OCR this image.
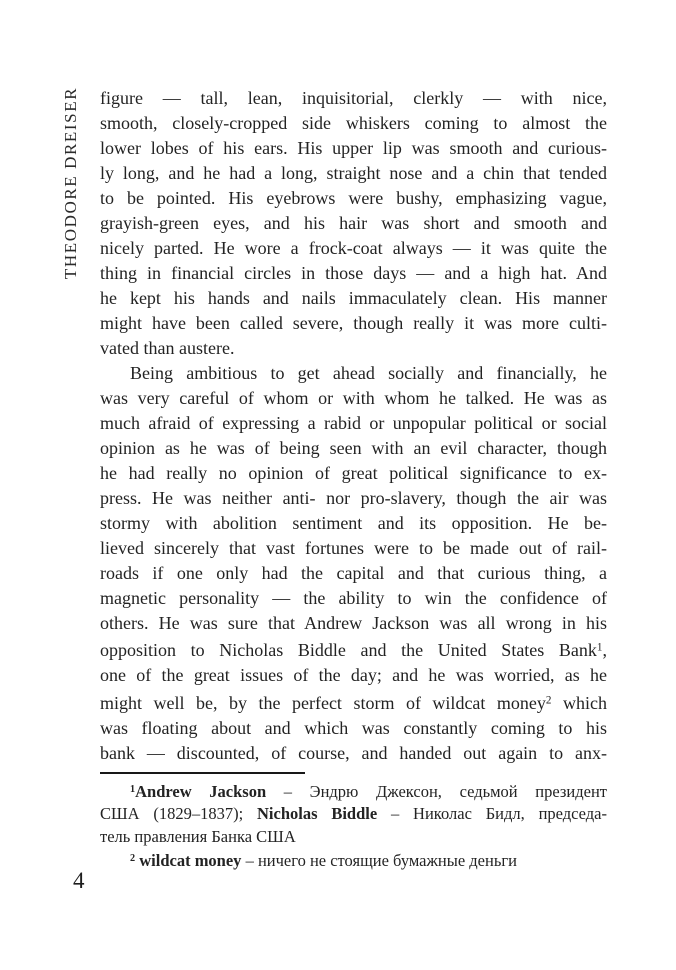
THEODORE DREISER	figure — tall, lean, inquisitorial, clerkly — with nice,
smooth, closely-cropped side whiskers coming to almost the
lower lobes of his ears. His upper lip was smooth and curious-
ly long, and he had a long, straight nose and a chin that tended
to be pointed. His eyebrows were bushy, emphasizing vague,
grayish-green eyes, and his hair was short and smooth and
nicely parted. He wore a frock-coat always — it was quite the
thing in financial circles in those days — and a high hat. And
he kept his hands and nails immaculately clean. His manner
might have been called severe, though really it was more culti-
vated than austere.
Being ambitious to get ahead socially and financially, he
was very careful of whom or with whom he talked. He was as
much afraid of expressing a rabid or unpopular political or social
opinion as he was of being seen with an evil character, though
he had really no opinion of great political significance to ex-
press. He was neither anti- nor pro-slavery, though the air was
stormy with abolition sentiment and its opposition. He be-
lieved sincerely that vast fortunes were to be made out of rail-
roads if one only had the capital and that curious thing, a
magnetic personality — the ability to win the confidence of
others. He was sure that Andrew Jackson was all wrong in his
opposition to Nicholas Biddle and the United States Bank$^1$,
one of the great issues of the day; and he was worried, as he
might well be, by the perfect storm of wildcat money$^2$ which
was floating about and which was constantly coming to his
bank — discounted, of course, and handed out again to anx-
$^1$Andrew Jackson – Эндрю Джексон, седьмой президент
США (1829–1837); Nicholas Biddle – Николас Бидл, председа-
тель правления Банка США
$^2$ wildcat money – ничего не стоящие бумажные деньги
4
